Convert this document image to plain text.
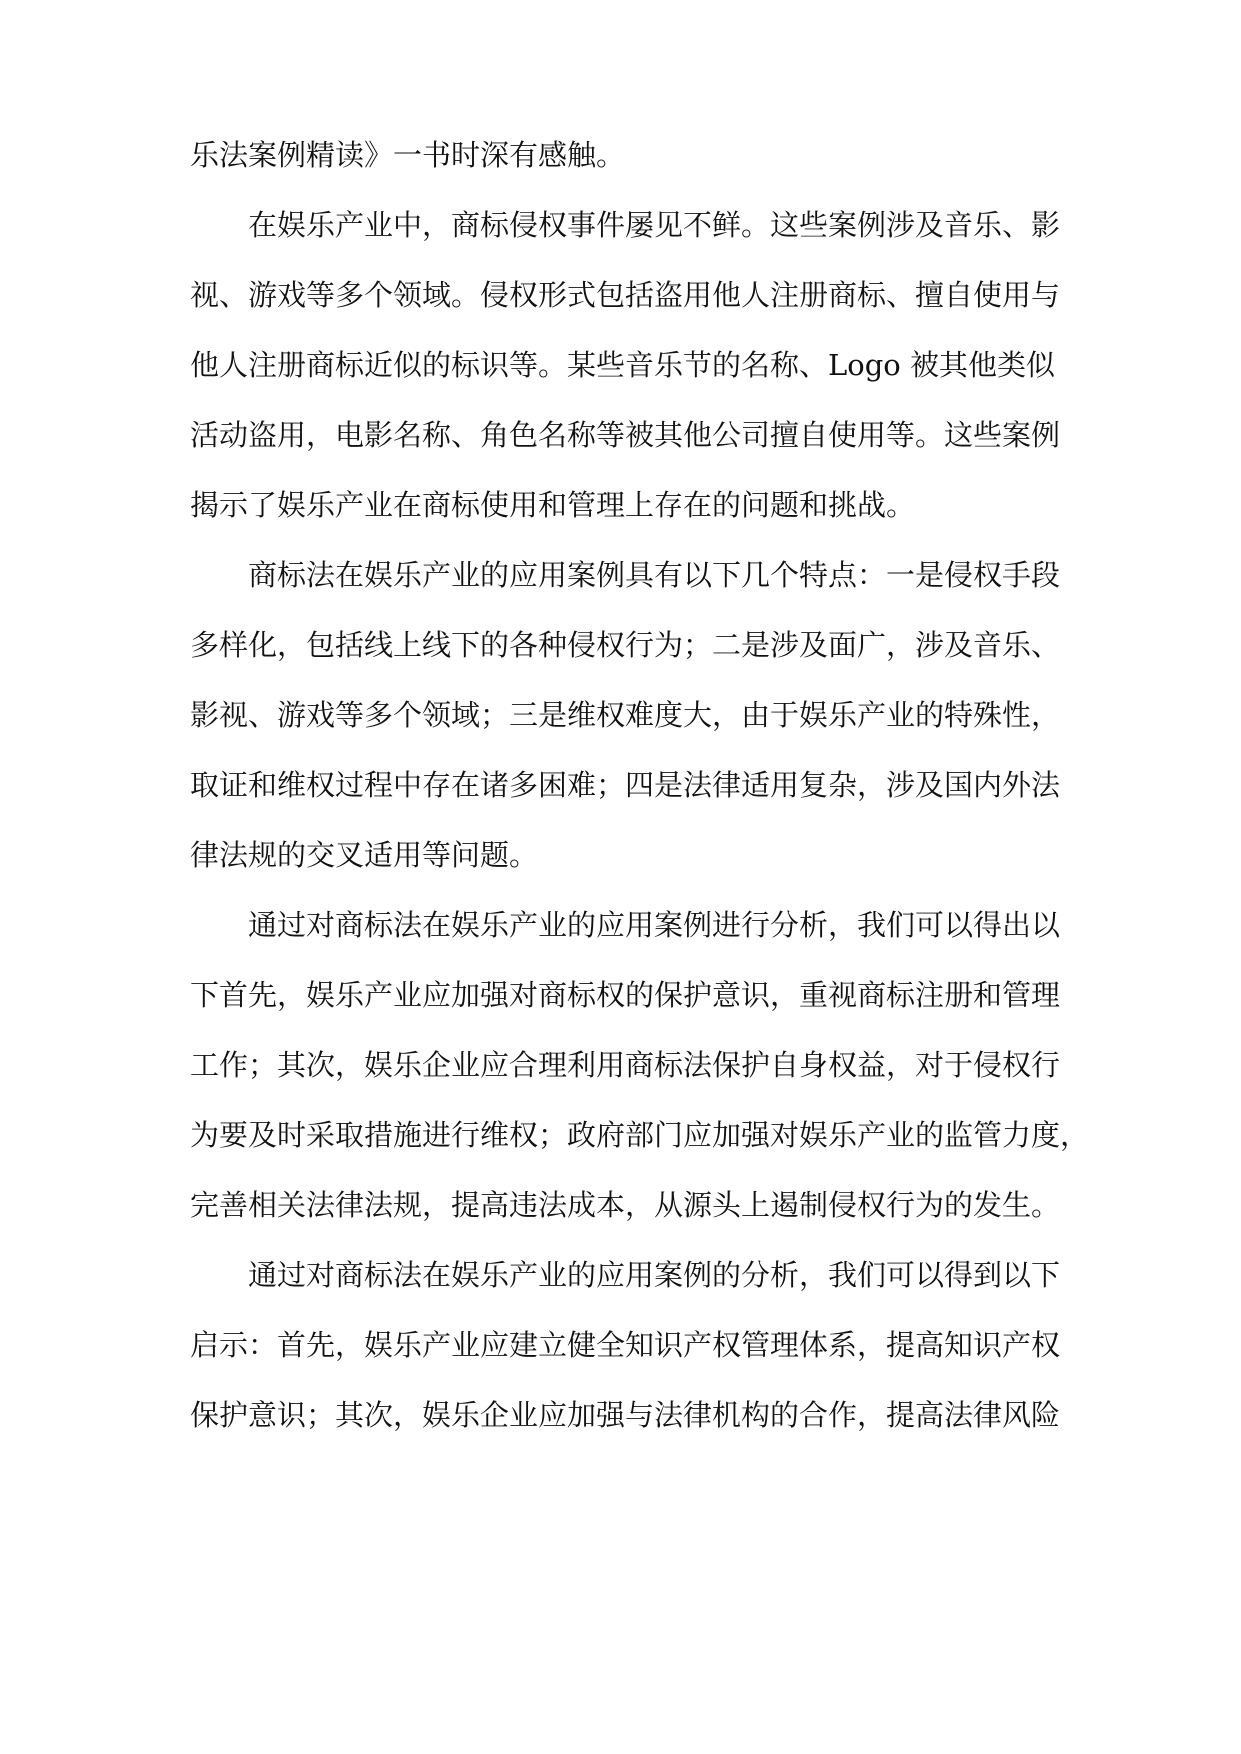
乐法案例精读》一书时深有感触。
在娱乐产业中，商标侵权事件屡见不鲜。这些案例涉及音乐、影
视、游戏等多个领域。侵权形式包括盗用他人注册商标、擅自使用与
他人注册商标近似的标识等。某些音乐节的名称、Logo 被其他类似
活动盗用，电影名称、角色名称等被其他公司擅自使用等。这些案例
揭示了娱乐产业在商标使用和管理上存在的问题和挑战。
商标法在娱乐产业的应用案例具有以下几个特点：一是侵权手段
多样化，包括线上线下的各种侵权行为；二是涉及面广，涉及音乐、
影视、游戏等多个领域；三是维权难度大，由于娱乐产业的特殊性，
取证和维权过程中存在诸多困难；四是法律适用复杂，涉及国内外法
律法规的交叉适用等问题。
通过对商标法在娱乐产业的应用案例进行分析，我们可以得出以
下首先，娱乐产业应加强对商标权的保护意识，重视商标注册和管理
工作；其次，娱乐企业应合理利用商标法保护自身权益，对于侵权行
为要及时采取措施进行维权；政府部门应加强对娱乐产业的监管力度，
完善相关法律法规，提高违法成本，从源头上遏制侵权行为的发生。
通过对商标法在娱乐产业的应用案例的分析，我们可以得到以下
启示：首先，娱乐产业应建立健全知识产权管理体系，提高知识产权
保护意识；其次，娱乐企业应加强与法律机构的合作，提高法律风险
